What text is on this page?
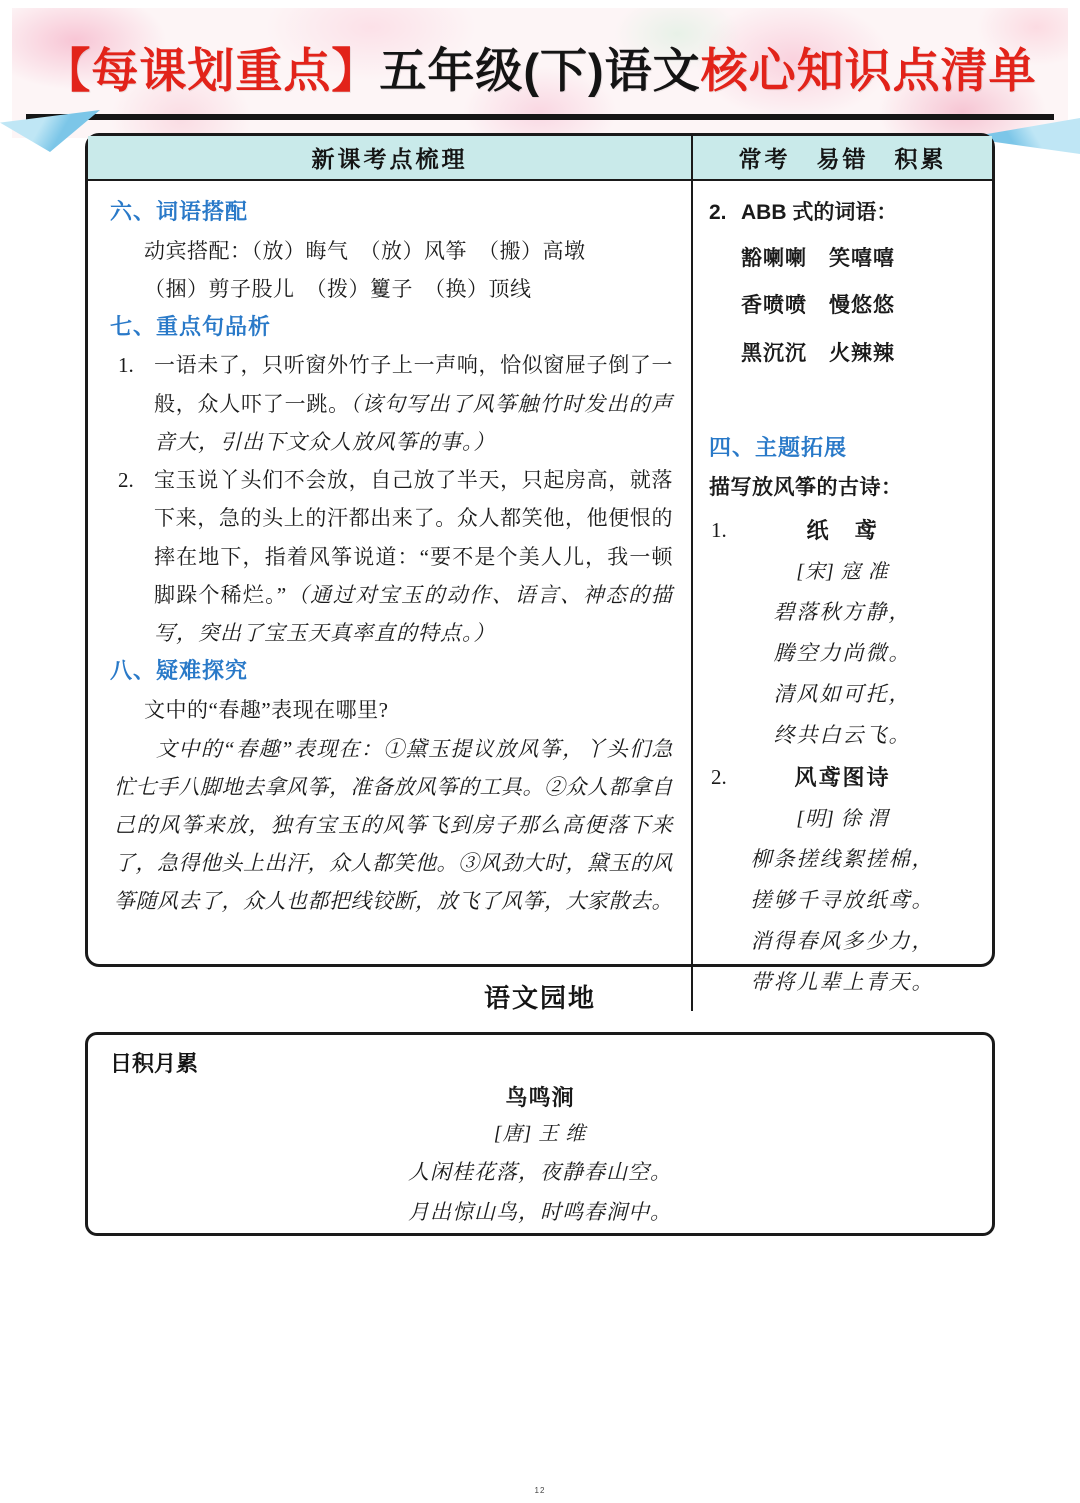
【每课划重点】五年级(下)语文核心知识点清单
新课考点梳理	常考　易错　积累
六、词语搭配
动宾搭配：（放）晦气　（放）风筝　（搬）高墩
（捆）剪子股儿　（拨）籰子　（换）顶线
七、重点句品析
1. 一语未了，只听窗外竹子上一声响，恰似窗屉子倒了一般，众人吓了一跳。（该句写出了风筝触竹时发出的声音大，引出下文众人放风筝的事。）
2. 宝玉说丫头们不会放，自己放了半天，只起房高，就落下来，急的头上的汗都出来了。众人都笑他，他便恨的摔在地下，指着风筝说道：“要不是个美人儿，我一顿脚跺个稀烂。”（通过对宝玉的动作、语言、神态的描写，突出了宝玉天真率直的特点。）
八、疑难探究
文中的“春趣”表现在哪里?
文中的“春趣”表现在：①黛玉提议放风筝，丫头们急忙七手八脚地去拿风筝，准备放风筝的工具。②众人都拿自己的风筝来放，独有宝玉的风筝飞到房子那么高便落下来了，急得他头上出汗，众人都笑他。③风劲大时，黛玉的风筝随风去了，众人也都把线铰断，放飞了风筝，大家散去。
2. ABB 式的词语：
豁喇喇　笑嘻嘻
香喷喷　慢悠悠
黑沉沉　火辣辣
四、主题拓展
描写放风筝的古诗：
1.	纸　鸢
[宋] 寇 准
碧落秋方静，
腾空力尚微。
清风如可托，
终共白云飞。
2.	风鸢图诗
[明] 徐 渭
柳条搓线絮搓棉，
搓够千寻放纸鸢。
消得春风多少力，
带将儿辈上青天。
语文园地
日积月累
鸟鸣涧
[唐] 王 维
人闲桂花落，夜静春山空。
月出惊山鸟，时鸣春涧中。
12
